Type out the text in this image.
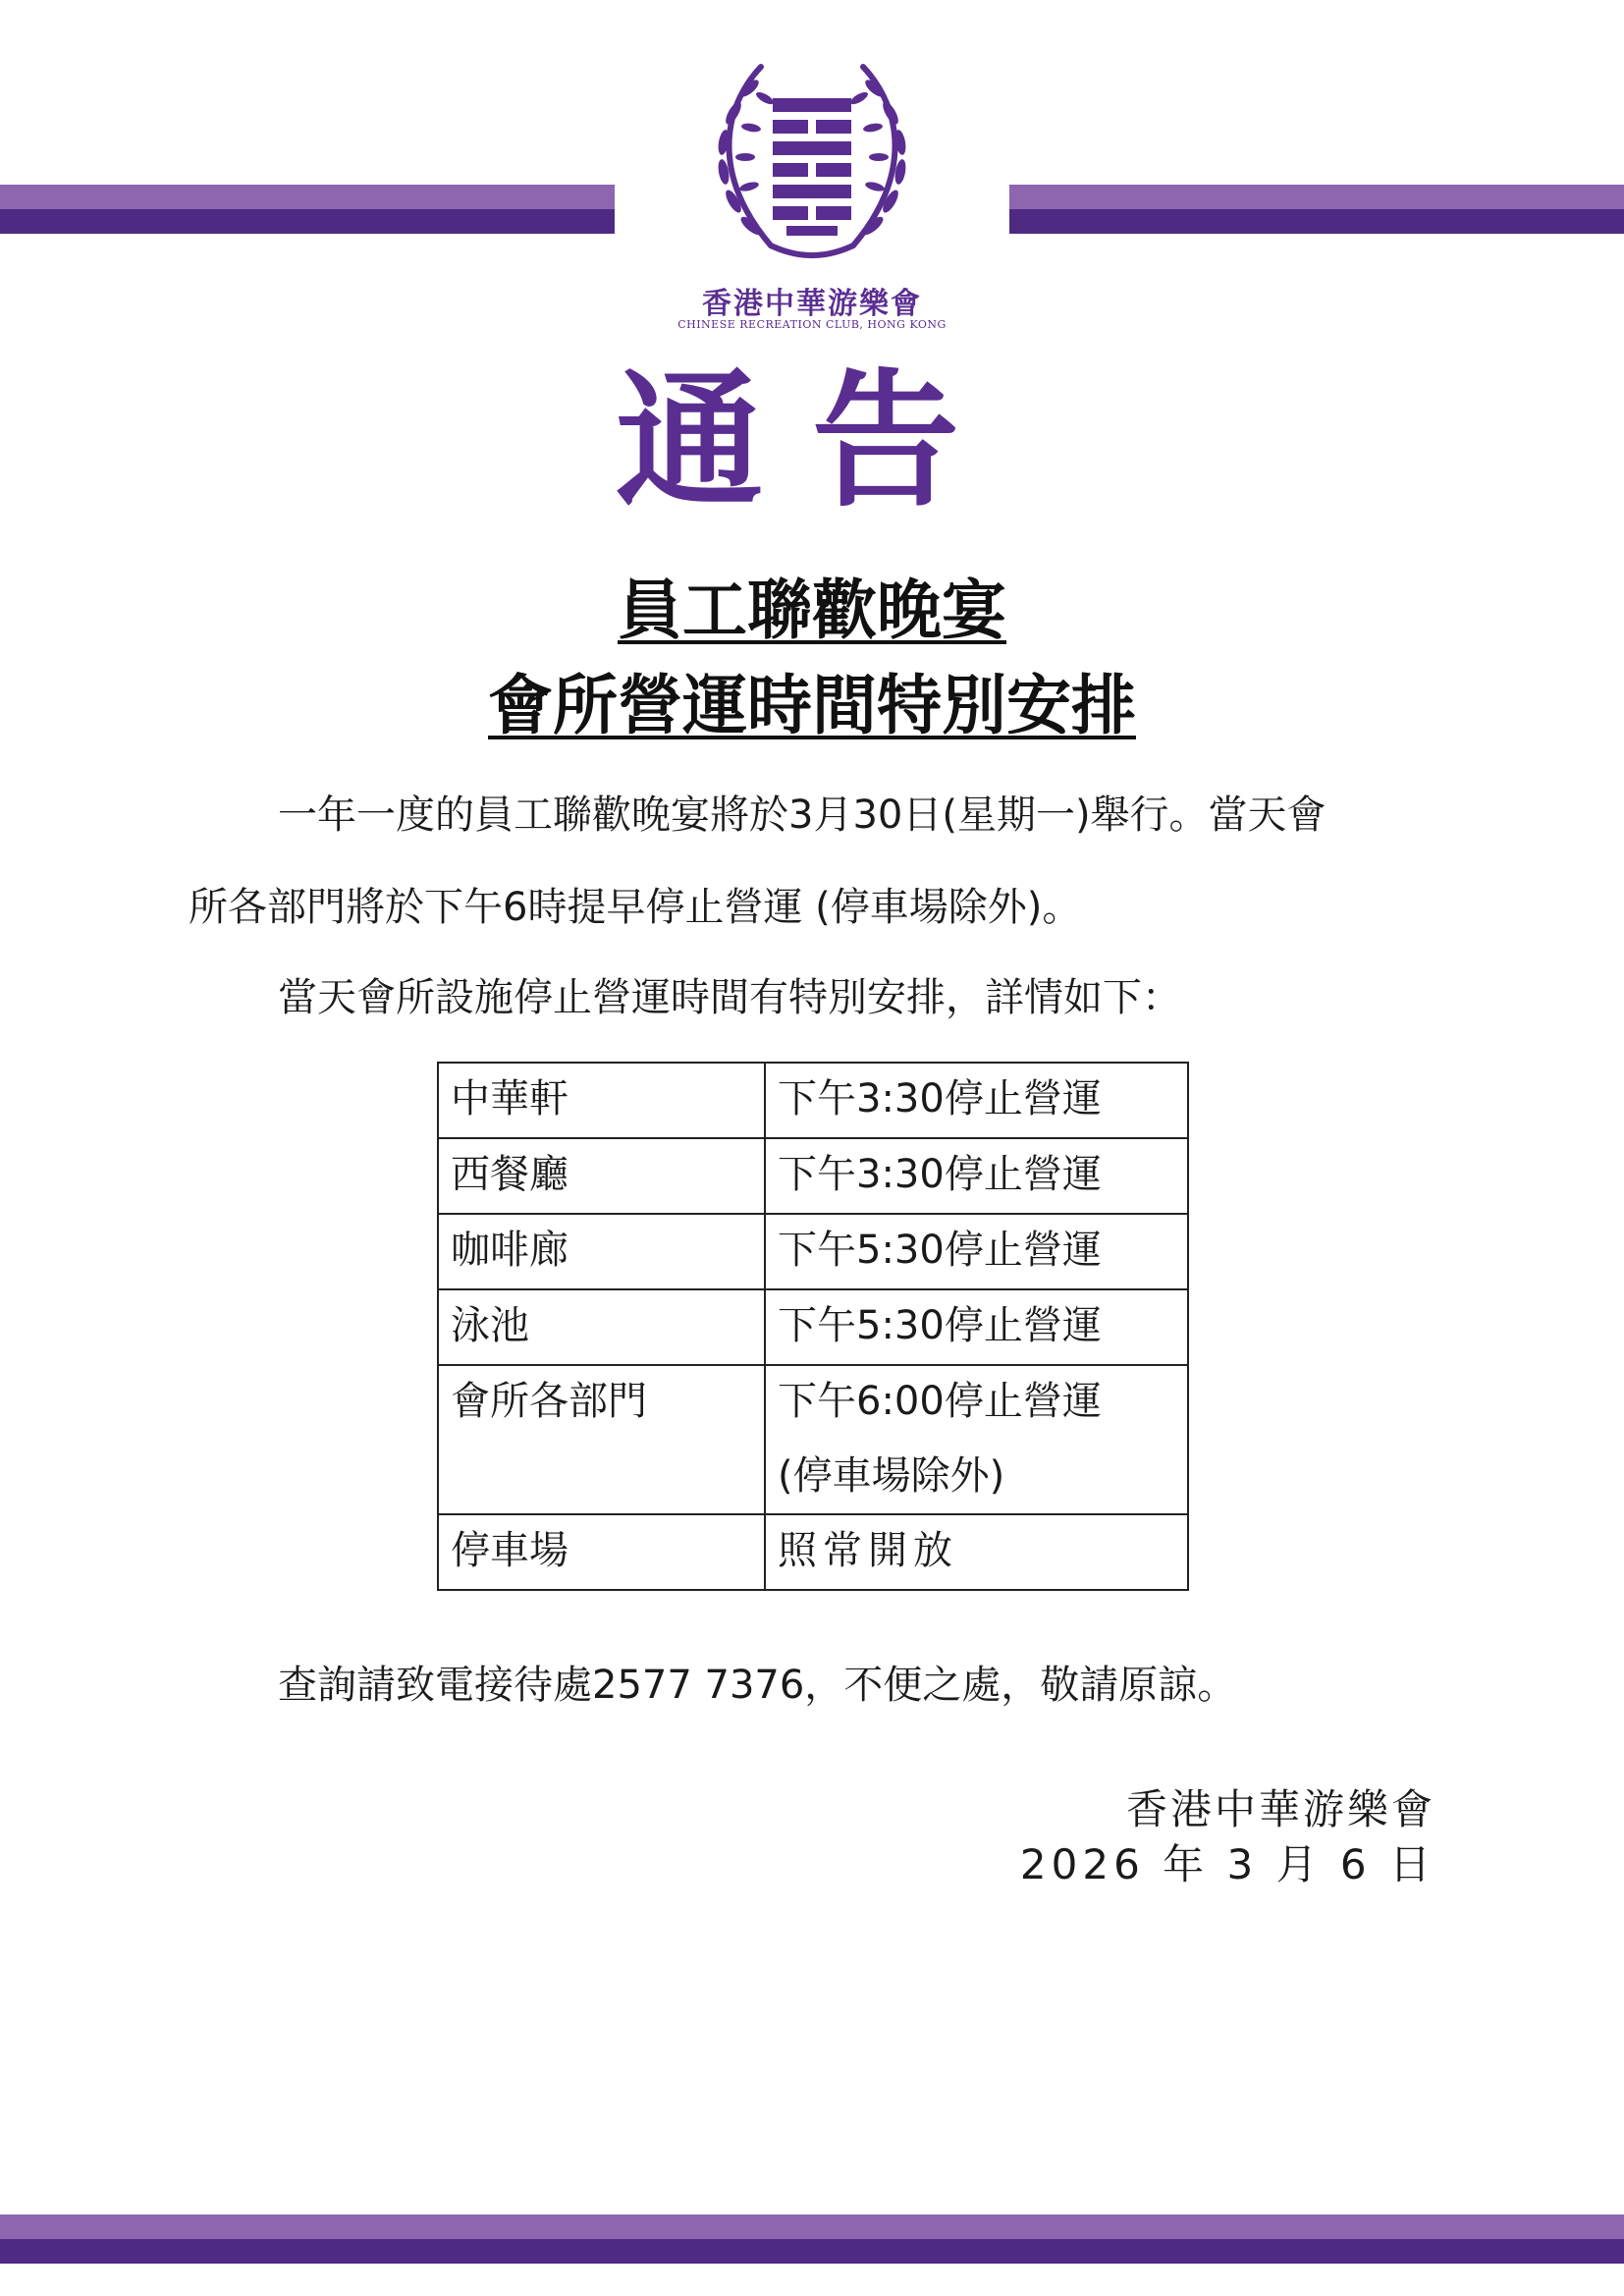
香港中華游樂會
CHINESE RECREATION CLUB, HONG KONG
通告
員工聯歡晚宴
會所營運時間特別安排
一年一度的員工聯歡晚宴將於3月30日(星期一)舉行。當天會
所各部門將於下午6時提早停止營運 (停車場除外)。
當天會所設施停止營運時間有特別安排，詳情如下：
中華軒	下午3:30停止營運
西餐廳	下午3:30停止營運
咖啡廊	下午5:30停止營運
泳池	下午5:30停止營運
會所各部門	下午6:00停止營運
(停車場除外)

停車場	照常開放
查詢請致電接待處2577 7376，不便之處，敬請原諒。
香港中華游樂會
2026 年 3 月 6 日
